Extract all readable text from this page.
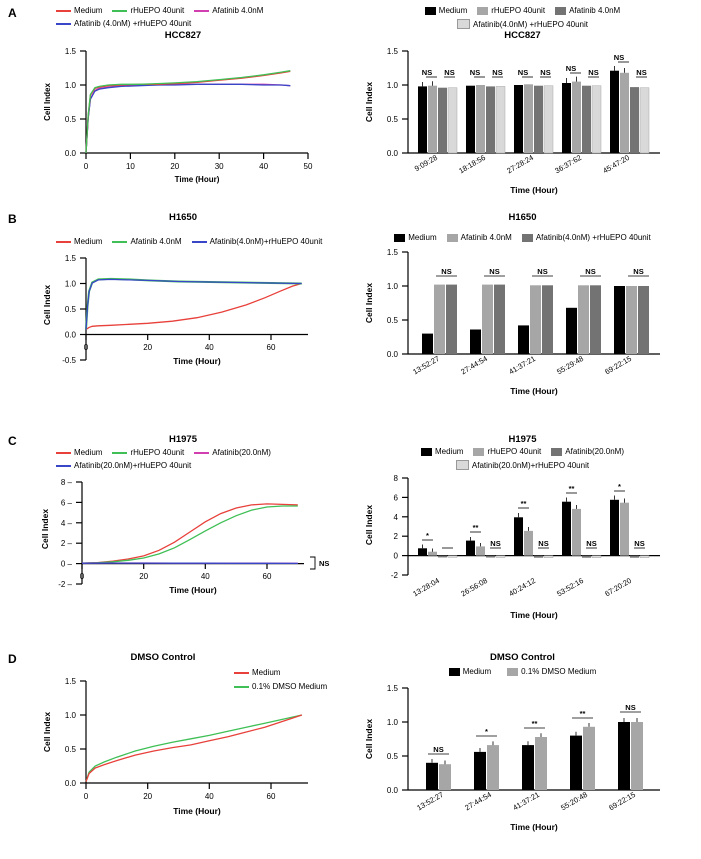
A	Medium	rHuEPO 40unit	Afatinib 4.0nM
Afatinib (4.0nM) +rHuEPO 40unit
HCC827
1.5
1.0
0.5
0.0
0	10	20	30	40	50
Cell Index
Time (Hour)
Medium	rHuEPO 40unit	Afatinib 4.0nM
Afatinib(4.0nM) +rHuEPO 40unit
HCC827
1.5
1.0
0.5
0.0
Cell Index
NS NS NS NS NS NS NS NS
NS
NS
9:09:28 18:18:56 27:28:24 36:37:62 45:47:20
Time (Hour)
B	H1650
Medium	Afatinib 4.0nM	Afatinib(4.0nM)+rHuEPO 40unit
1.5
1.0
0.5
0.0
-0.5
0	20	40	60
Cell Index
Time (Hour)
H1650
Medium	Afatinib 4.0nM	Afatinib(4.0nM) +rHuEPO 40unit
1.5
1.0
0.5
0.0
Cell Index
NS	NS	NS	NS	NS
13:52:27 27:44:54 41:37:21 55:29:48 69:22:15
Time (Hour)
C	H1975
Medium	rHuEPO 40unit	Afatinib(20.0nM)
Afatinib(20.0nM)+rHuEPO 40unit
8 –
6 –
4 –
2 –
0 –
-2 –
0	20	40	60
Cell Index
Time (Hour)
NS
H1975
Medium	rHuEPO 40unit	Afatinib(20.0nM)
Afatinib(20.0nM)+rHuEPO 40unit
8
6
4
2
0
-2
Cell Index	*
**
NS
**
NS
**
NS
*
NS
13:28:04 26:56:08 40:24:12 53:52:16 67:20:20
Time (Hour)
D	DMSO Control
Medium
0.1% DMSO Medium
1.5
1.0
0.5
0.0
0	20	40	60
Cell Index
Time (Hour)
DMSO Control
Medium	0.1% DMSO Medium
1.5
1.0
0.5
0.0
Cell Index	NS
*
**
**
NS
13:52:27 27:44:54 41:37:21 55:20:48 69:22:15
Time (Hour)
